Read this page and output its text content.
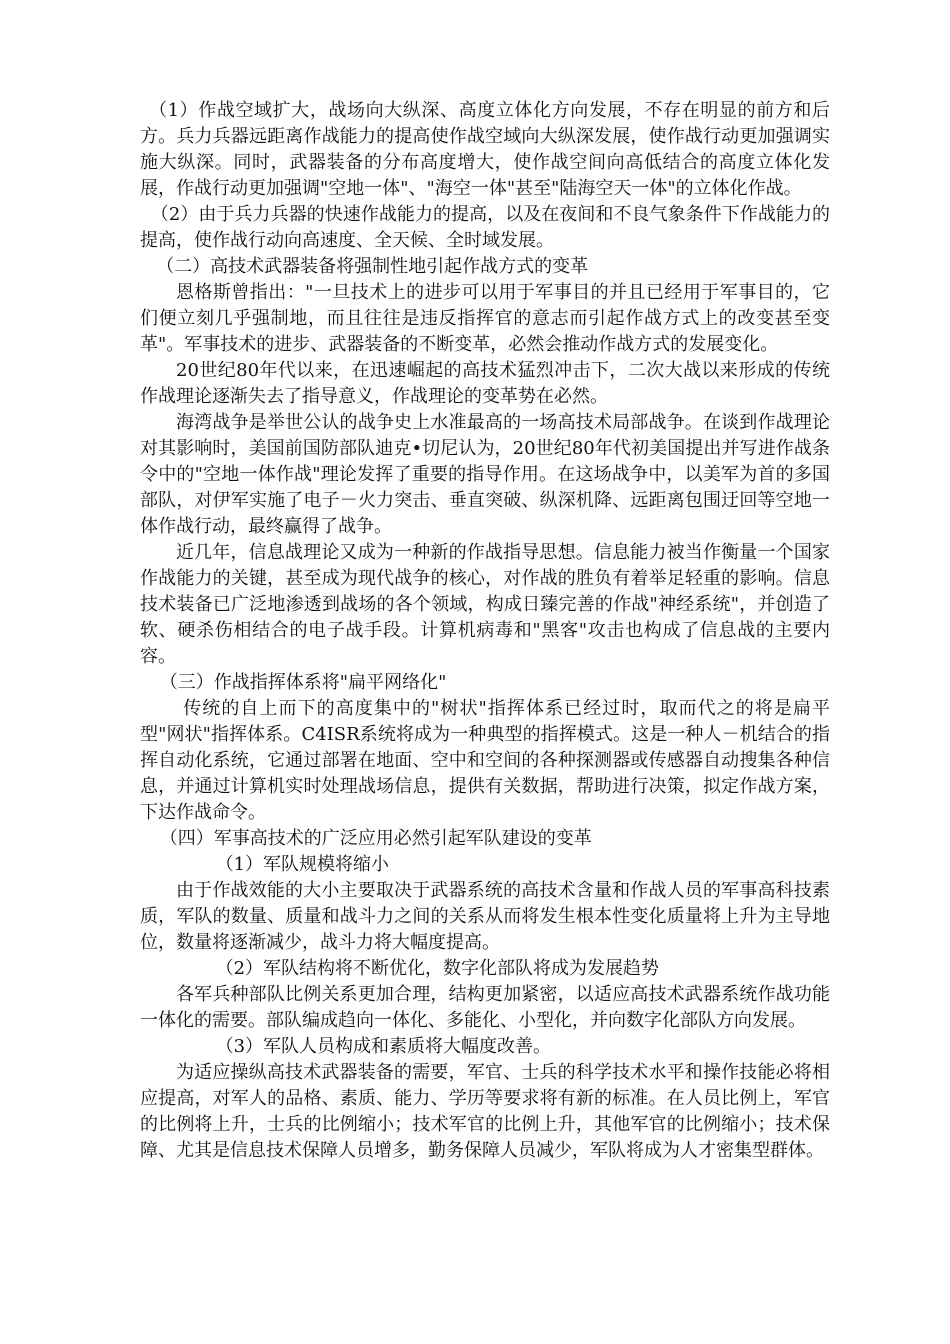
（1）作战空域扩大，战场向大纵深、高度立体化方向发展，不存在明显的前方和后方。兵力兵器远距离作战能力的提高使作战空域向大纵深发展，使作战行动更加强调实施大纵深。同时，武器装备的分布高度增大，使作战空间向高低结合的高度立体化发展，作战行动更加强调"空地一体"、"海空一体"甚至"陆海空天一体"的立体化作战。

（2）由于兵力兵器的快速作战能力的提高，以及在夜间和不良气象条件下作战能力的提高，使作战行动向高速度、全天候、全时域发展。

（二）高技术武器装备将强制性地引起作战方式的变革

恩格斯曾指出："一旦技术上的进步可以用于军事目的并且已经用于军事目的，它们便立刻几乎强制地，而且往往是违反指挥官的意志而引起作战方式上的改变甚至变革"。军事技术的进步、武器装备的不断变革，必然会推动作战方式的发展变化。

20世纪80年代以来，在迅速崛起的高技术猛烈冲击下，二次大战以来形成的传统作战理论逐渐失去了指导意义，作战理论的变革势在必然。

海湾战争是举世公认的战争史上水准最高的一场高技术局部战争。在谈到作战理论对其影响时，美国前国防部队迪克•切尼认为，20世纪80年代初美国提出并写进作战条令中的"空地一体作战"理论发挥了重要的指导作用。在这场战争中，以美军为首的多国部队，对伊军实施了电子－火力突击、垂直突破、纵深机降、远距离包围迂回等空地一体作战行动，最终赢得了战争。

近几年，信息战理论又成为一种新的作战指导思想。信息能力被当作衡量一个国家作战能力的关键，甚至成为现代战争的核心，对作战的胜负有着举足轻重的影响。信息技术装备已广泛地渗透到战场的各个领域，构成日臻完善的作战"神经系统"，并创造了软、硬杀伤相结合的电子战手段。计算机病毒和"黑客"攻击也构成了信息战的主要内容。

（三）作战指挥体系将"扁平网络化"

传统的自上而下的高度集中的"树状"指挥体系已经过时，取而代之的将是扁平型"网状"指挥体系。C4ISR系统将成为一种典型的指挥模式。这是一种人－机结合的指挥自动化系统，它通过部署在地面、空中和空间的各种探测器或传感器自动搜集各种信息，并通过计算机实时处理战场信息，提供有关数据，帮助进行决策，拟定作战方案，下达作战命令。

（四）军事高技术的广泛应用必然引起军队建设的变革

（1）军队规模将缩小

由于作战效能的大小主要取决于武器系统的高技术含量和作战人员的军事高科技素质，军队的数量、质量和战斗力之间的关系从而将发生根本性变化质量将上升为主导地位，数量将逐渐减少，战斗力将大幅度提高。

（2）军队结构将不断优化，数字化部队将成为发展趋势

各军兵种部队比例关系更加合理，结构更加紧密，以适应高技术武器系统作战功能一体化的需要。部队编成趋向一体化、多能化、小型化，并向数字化部队方向发展。

（3）军队人员构成和素质将大幅度改善。

为适应操纵高技术武器装备的需要，军官、士兵的科学技术水平和操作技能必将相应提高，对军人的品格、素质、能力、学历等要求将有新的标准。在人员比例上，军官的比例将上升，士兵的比例缩小；技术军官的比例上升，其他军官的比例缩小；技术保障、尤其是信息技术保障人员增多，勤务保障人员减少，军队将成为人才密集型群体。
